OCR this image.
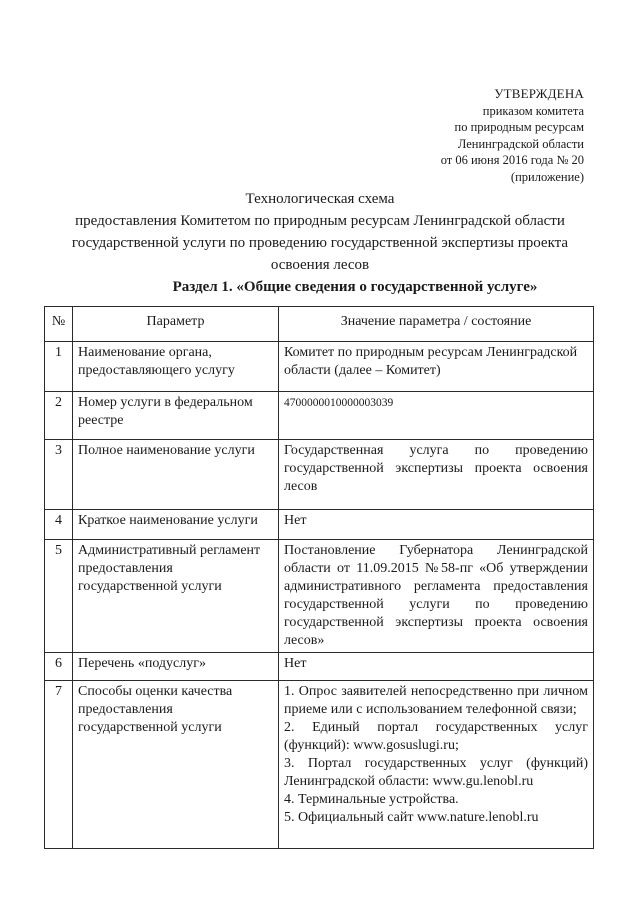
УТВЕРЖДЕНА
приказом комитета
по природным ресурсам
Ленинградской области
от 06 июня 2016 года № 20
(приложение)
Технологическая схема
предоставления Комитетом по природным ресурсам Ленинградской области
государственной услуги по проведению государственной экспертизы проекта
освоения лесов
Раздел 1. «Общие сведения о государственной услуге»
№	Параметр	Значение параметра / состояние
1	Наименование органа, предоставляющего услугу	Комитет по природным ресурсам Ленинградской области (далее – Комитет)
2	Номер услуги в федеральном реестре	4700000010000003039
3	Полное наименование услуги	Государственная услуга по проведению государственной экспертизы проекта освоения лесов
4	Краткое наименование услуги	Нет
5	Административный регламент предоставления государственной услуги	Постановление Губернатора Ленинградской области от 11.09.2015 №58-пг «Об утверждении административного регламента предоставления государственной услуги по проведению государственной экспертизы проекта освоения лесов»
6	Перечень «подуслуг»	Нет
7	Способы оценки качества предоставления государственной услуги	1. Опрос заявителей непосредственно при личном приеме или с использованием телефонной связи;
2. Единый портал государственных услуг (функций): www.gosuslugi.ru;
3. Портал государственных услуг (функций) Ленинградской области: www.gu.lenobl.ru
4. Терминальные устройства.
5. Официальный сайт www.nature.lenobl.ru
